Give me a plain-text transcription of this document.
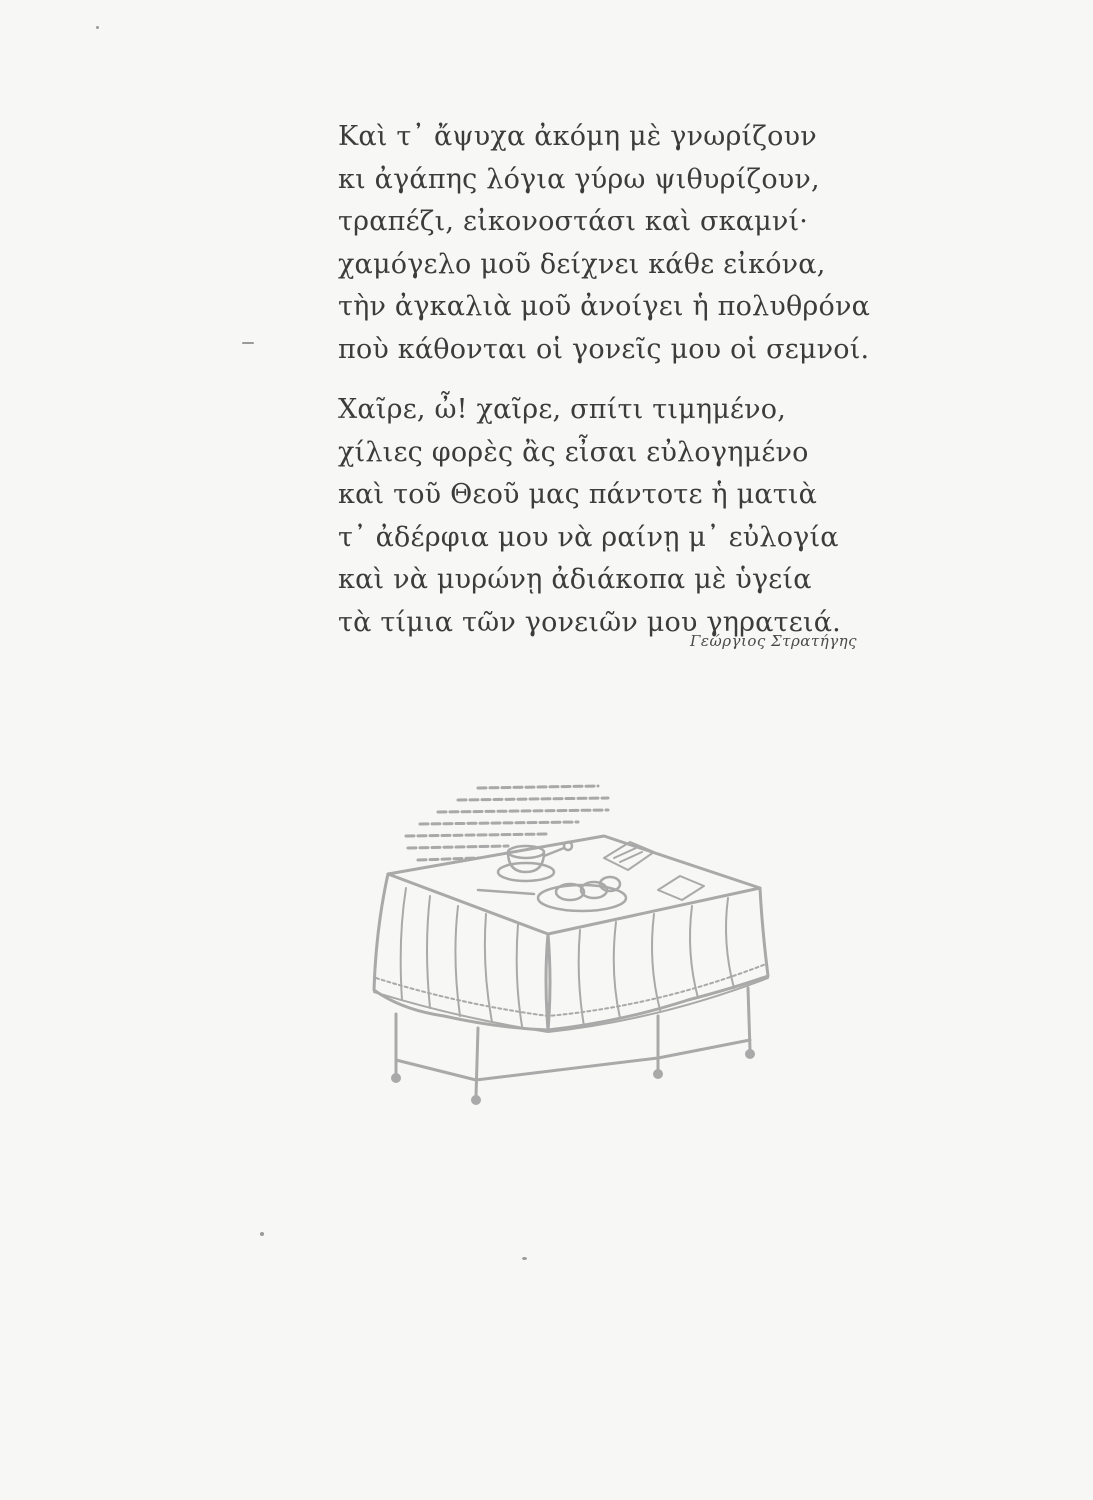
Καὶ τ᾿ ἄψυχα ἀκόμη μὲ γνωρίζουν
κι ἀγάπης λόγια γύρω ψιθυρίζουν,
τραπέζι, εἰκονοστάσι καὶ σκαμνί·
χαμόγελο μοῦ δείχνει κάθε εἰκόνα,
τὴν ἀγκαλιὰ μοῦ ἀνοίγει ἡ πολυθρόνα
ποὺ κάθονται οἱ γονεῖς μου οἱ σεμνοί.
Χαῖρε, ὦ! χαῖρε, σπίτι τιμημένο,
χίλιες φορὲς ἂς εἶσαι εὐλογημένο
καὶ τοῦ Θεοῦ μας πάντοτε ἡ ματιὰ
τ᾿ ἀδέρφια μου νὰ ραίνῃ μ᾿ εὐλογία
καὶ νὰ μυρώνῃ ἀδιάκοπα μὲ ὑγεία
τὰ τίμια τῶν γονειῶν μου γηρατειά.
Γεώργιος Στρατήγης
